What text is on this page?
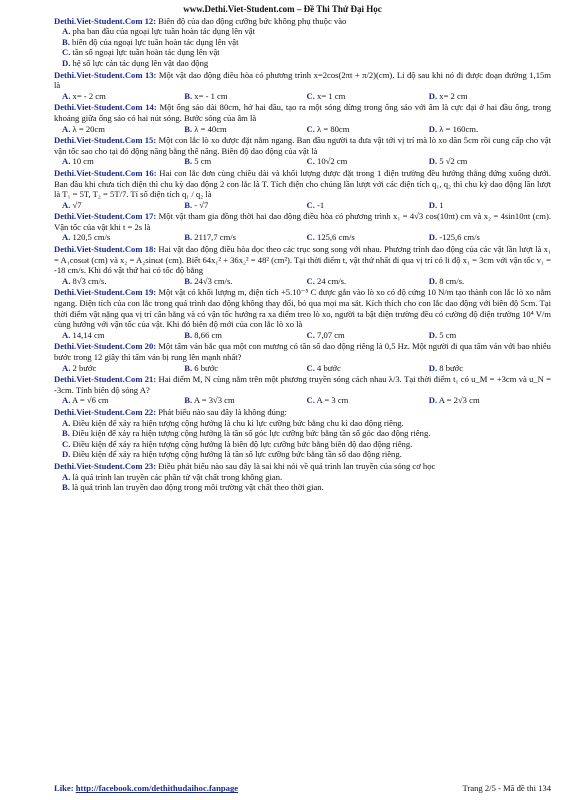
www.Dethi.Viet-Student.com – Đề Thi Thử Đại Học
Dethi.Viet-Student.Com 12: Biên độ của dao động cưỡng bức không phụ thuộc vào
A. pha ban đầu của ngoại lực tuần hoàn tác dụng lên vật
B. biên độ của ngoại lực tuần hoàn tác dụng lên vật
C. tần số ngoại lực tuần hoàn tác dụng lên vật
D. hệ số lực cản tác dụng lên vật dao động
Dethi.Viet-Student.Com 13: Một vật dao động điều hòa có phương trình x=2cos(2πt + π/2)(cm). Li độ sau khi nó đi được đoạn đường 1,15m là
A. x= - 2 cm	B. x= - 1 cm	C. x= 1 cm	D. x= 2 cm
Dethi.Viet-Student.Com 14: Một ống sáo dài 80cm, hở hai đầu, tạo ra một sóng dừng trong ống sáo với âm là cực đại ở hai đầu ống, trong khoảng giữa ống sáo có hai nút sóng. Bước sóng của âm là
A. λ = 20cm	B. λ = 40cm	C. λ = 80cm	D. λ = 160cm.
Dethi.Viet-Student.Com 15: Một con lắc lò xo được đặt nằm ngang. Ban đầu người ta đưa vật tới vị trí mà lò xo dãn 5cm rồi cung cấp cho vật vận tốc sao cho tại đó động năng bằng thế năng. Biên độ dao động của vật là
A. 10 cm	B. 5 cm	C. 10√2 cm	D. 5 √2 cm
Dethi.Viet-Student.Com 16: Hai con lắc đơn cùng chiều dài và khối lượng được đặt trong 1 điện trường đều hướng thẳng đứng xuống dưới. Ban đầu khi chưa tích điện thì chu kỳ dao động 2 con lắc là T. Tích điện cho chúng lần lượt với các điện tích q₁, q₂ thì chu kỳ dao động lần lượt là T₁ = 5T, T₂ = 5T/7. Tỉ số điện tích q₁ / q₂ là
A. √7	B. - √7	C. -1	D. 1
Dethi.Viet-Student.Com 17: Một vật tham gia đồng thời hai dao động điều hòa có phương trình x₁ = 4√3 cos(10πt) cm và x₂ = 4sin10πt (cm). Vận tốc của vật khi t = 2s là
A. 120,5 cm/s	B. 2117,7 cm/s	C. 125,6 cm/s	D. -125,6 cm/s
Dethi.Viet-Student.Com 18: Hai vật dao động điều hòa dọc theo các trục song song với nhau. Phương trình dao động của các vật lần lượt là x₁ = A₁cosωt (cm) và x₂ = A₂sinωt (cm). Biết 64x₁² + 36x₂² = 48² (cm²). Tại thời điểm t, vật thứ nhất đi qua vị trí có li độ x₁ = 3cm với vận tốc v₁ = -18 cm/s. Khi đó vật thứ hai có tốc độ bằng
A. 8√3 cm/s.	B. 24√3 cm/s.	C. 24 cm/s.	D. 8 cm/s.
Dethi.Viet-Student.Com 19: Một vật có khối lượng m, điện tích +5.10⁻⁵ C được gắn vào lò xo có độ cứng 10 N/m tạo thành con lắc lò xo nằm ngang. Điện tích của con lắc trong quá trình dao động không thay đổi, bỏ qua mọi ma sát. Kích thích cho con lắc dao động với biên độ 5cm. Tại thời điểm vật nặng qua vị trí cân bằng và có vận tốc hướng ra xa điểm treo lò xo, người ta bật điện trường đều có cường độ điện trường 10⁴ V/m cùng hướng với vận tốc của vật. Khi đó biên độ mới của con lắc lò xo là
A. 14,14 cm	B. 8,66 cm	C. 7,07 cm	D. 5 cm
Dethi.Viet-Student.Com 20: Một tấm ván bắc qua một con mương có tần số dao động riêng là 0,5 Hz. Một người đi qua tấm ván với bao nhiêu bước trong 12 giây thì tấm ván bị rung lên mạnh nhất?
A. 2 bước	B. 6 bước	C. 4 bước	D. 8 bước
Dethi.Viet-Student.Com 21: Hai điểm M, N cùng nằm trên một phương truyền sóng cách nhau λ/3. Tại thời điểm t₁ có u_M = +3cm và u_N = -3cm. Tính biên độ sóng A?
A. A = √6 cm	B. A = 3√3 cm	C. A = 3 cm	D. A = 2√3 cm
Dethi.Viet-Student.Com 22: Phát biểu nào sau đây là không đúng:
A. Điều kiện để xảy ra hiện tượng cộng hưởng là chu kì lực cưỡng bức bằng chu kì dao động riêng.
B. Điều kiện để xảy ra hiện tượng cộng hưởng là tần số góc lực cưỡng bức bằng tần số góc dao động riêng.
C. Điều kiện để xảy ra hiện tượng cộng hưởng là biên độ lực cưỡng bức bằng biên độ dao động riêng.
D. Điều kiện để xảy ra hiện tượng cộng hưởng là tần số lực cưỡng bức bằng tần số dao động riêng.
Dethi.Viet-Student.Com 23: Điều phát biểu nào sau đây là sai khi nói về quá trình lan truyền của sóng cơ học
A. là quá trình lan truyền các phần tử vật chất trong không gian.
B. là quá trình lan truyền dao động trong môi trường vật chất theo thời gian.
Like: http://facebook.com/dethithudaihoc.fanpage	Trang 2/5 - Mã đề thi 134
